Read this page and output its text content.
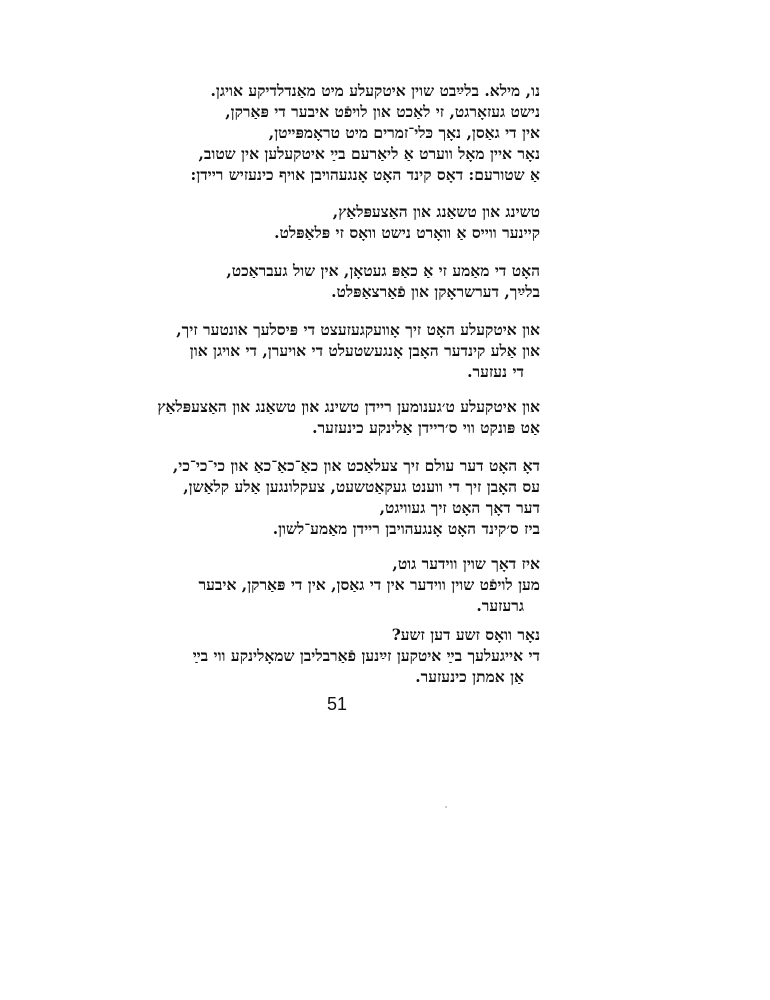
נו, מילא. בלײַבט שוין איטקעלע מיט מאַנדלדיקע אויגן.
נישט געזאָרגט, זי לאַכט און לויפֿט איבער די פּאַרקן,
אין די גאַסן, נאָך כּלי־זמרים מיט טראָמפּײטן,
נאָר איין מאָל ווערט אַ ליאַרעם בײַ איטקעלען אין שטוב,
אַ שטורעם: דאָס קינד האָט אָנגעהויבן אויף כינעזיש ריידן:
טשינג און טשאַנג און האַצעפּלאַץ,
קיינער ווייס אַ וואָרט נישט וואָס זי פּלאַפּלט.
האָט די מאַמע זי אַ כאַפּ געטאָן, אין שול געבראַכט,
בלײַך, דערשראָקן און פֿאַרצאַפּלט.
און איטקעלע האָט זיך אָוועקגעזעצט די פּיסלעך אונטער זיך,
און אַלע קינדער האָבן אָנגעשטעלט די אויערן, די אויגן און
די נעזער.
און איטקעלע ט׳גענומען ריידן טשינג און טשאַנג און האַצעפּלאַץ
אַט פּונקט ווי ס׳ריידן אַלינקע כינעזער.
דאָ האָט דער עולם זיך צעלאַכט און כאַ־כאַ־כאַ און כי־כי־כי,
עס האָבן זיך די ווענט געקאַטשעט, צעקלונגען אַלע קלאַשן,
דער דאָך האָט זיך געוויגט,
ביז ס׳קינד האָט אָנגעהויבן ריידן מאַמע־לשון.
איז דאָך שוין ווידער גוט,
מען לויפֿט שוין ווידער אין די גאַסן, אין די פּאַרקן, איבער
גרעזער.
נאָר וואָס זשע דען זשע?
די אייגעלעך בײַ איטקען זײַנען פֿאַרבליבן שמאָלינקע ווי בײַ
אַן אמתן כינעזער.
51
